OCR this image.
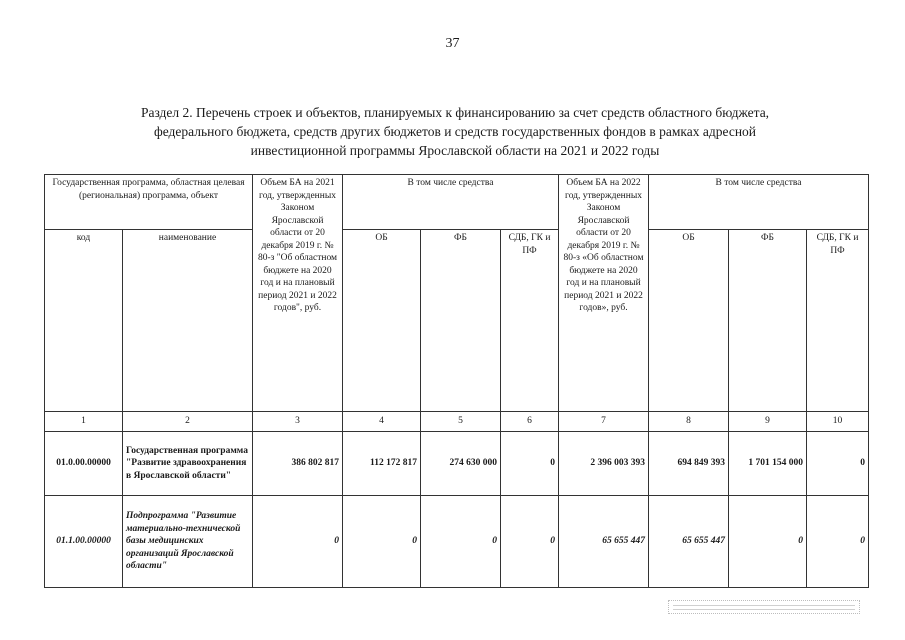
37
Раздел 2. Перечень строек и объектов, планируемых к финансированию за счет средств областного бюджета,
федерального бюджета, средств других бюджетов и средств государственных фондов в рамках адресной
инвестиционной программы Ярославской области на 2021 и 2022 годы
Государственная программа, областная целевая (региональная) программа, объект		Объем БА на 2021 год, утвержденных Законом Ярославской области от 20 декабря 2019 г. № 80-з "Об областном бюджете на 2020 год и на плановый период 2021 и 2022 годов", руб.	В том числе средства			Объем БА на 2022 год, утвержденных Законом Ярославской области от 20 декабря 2019 г. № 80-з «Об областном бюджете на 2020 год и на плановый период 2021 и 2022 годов», руб.	В том числе средства		
код	наименование		ОБ	ФБ	СДБ, ГК и ПФ		ОБ	ФБ	СДБ, ГК и ПФ
1	2	3	4	5	6	7	8	9	10
01.0.00.00000	Государственная программа "Развитие здравоохранения в Ярославской области"	386 802 817	112 172 817	274 630 000	0	2 396 003 393	694 849 393	1 701 154 000	0
01.1.00.00000	Подпрограмма "Развитие материально-технической базы медицинских организаций Ярославской области"	0	0	0	0	65 655 447	65 655 447	0	0
